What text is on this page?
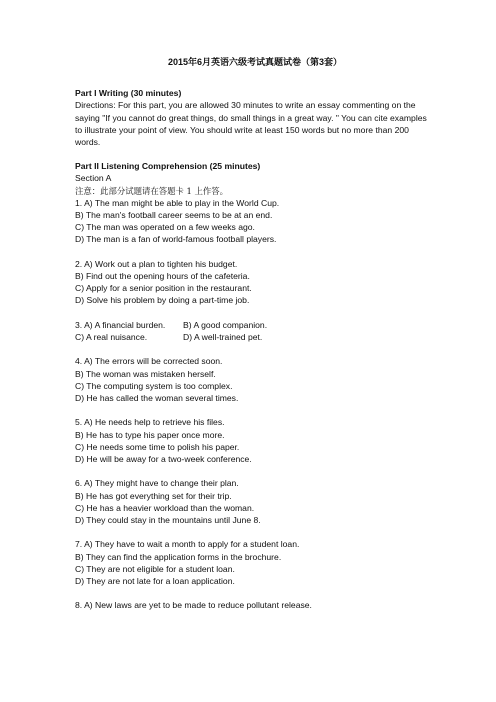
2015年6月英语六级考试真题试卷（第3套）

Part I Writing (30 minutes)

Directions: For this part, you are allowed 30 minutes to write an essay commenting on the saying "If you cannot do great things, do small things in a great way. " You can cite examples to illustrate your point of view. You should write at least 150 words but no more than 200 words.

Part II Listening Comprehension (25 minutes)

Section A

注意：此部分试题请在答题卡 1 上作答。

1. A) The man might be able to play in the World Cup.
B) The man's football career seems to be at an end.
C) The man was operated on a few weeks ago.
D) The man is a fan of world-famous football players.
2. A) Work out a plan to tighten his budget.
B) Find out the opening hours of the cafeteria.
C) Apply for a senior position in the restaurant.
D) Solve his problem by doing a part-time job.
3. A) A financial burden.	B) A good companion.
C) A real nuisance.	D) A well-trained pet.
4. A) The errors will be corrected soon.
B) The woman was mistaken herself.
C) The computing system is too complex.
D) He has called the woman several times.
5. A) He needs help to retrieve his files.
B) He has to type his paper once more.
C) He needs some time to polish his paper.
D) He will be away for a two-week conference.
6. A) They might have to change their plan.
B) He has got everything set for their trip.
C) He has a heavier workload than the woman.
D) They could stay in the mountains until June 8.
7. A) They have to wait a month to apply for a student loan.
B) They can find the application forms in the brochure.
C) They are not eligible for a student loan.
D) They are not late for a loan application.
8. A) New laws are yet to be made to reduce pollutant release.
